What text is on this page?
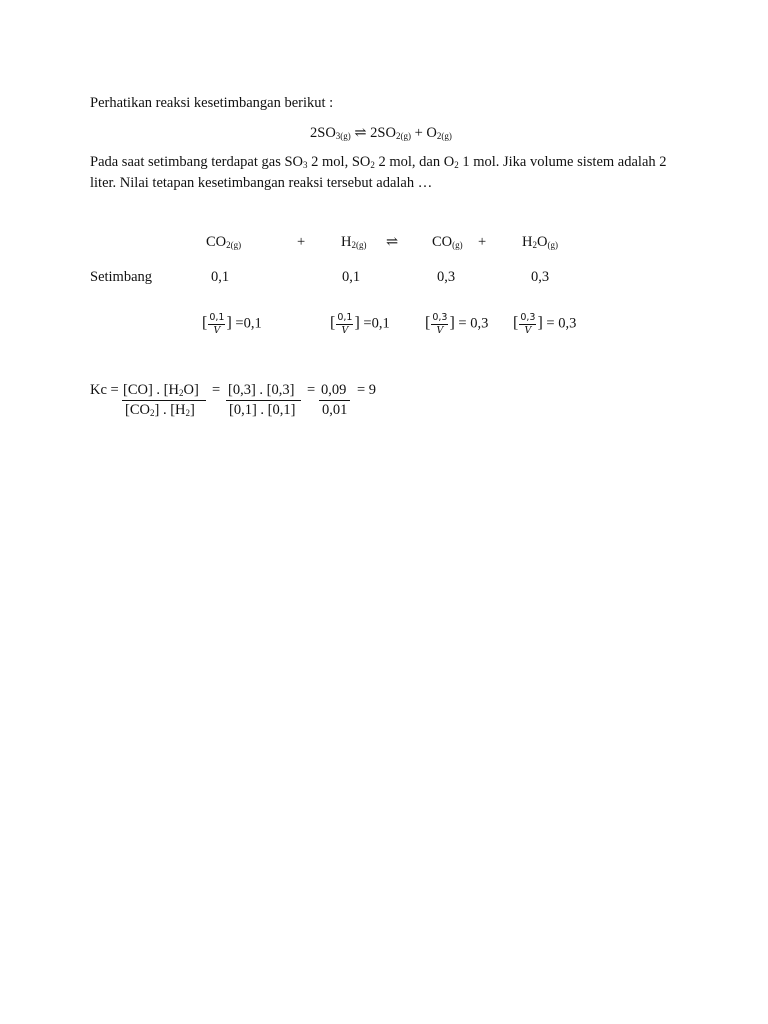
Perhatikan reaksi kesetimbangan berikut :
$2SO_{3(g)}$ ⇌ $2SO_{2(g)} + O_{2(g)}$
Pada saat setimbang terdapat gas $SO_3$ 2 mol, $SO_2$ 2 mol, dan $O_2$ 1 mol. Jika volume sistem adalah 2 liter. Nilai tetapan kesetimbangan reaksi tersebut adalah …
$CO_{2(g)}$	+ $H_{2(g)}$ ⇌ $CO_{(g)} + H_2O_{(g)}$
Setimbang	0,1	0,1	0,3	0,3
[ $\frac{0,1}{V}$ ] =0,1	[ $\frac{0,1}{V}$ ] =0,1 [ $\frac{0,3}{V}$ ] = 0,3 [ $\frac{0,3}{V}$ ] = 0,3
Kc = [CO] . $[H_2O]$
$[CO_2]$ . $[H_2]$
= [0,3] . [0,3]
[0,1] . [0,1]
= 0,09
0,01
= 9
